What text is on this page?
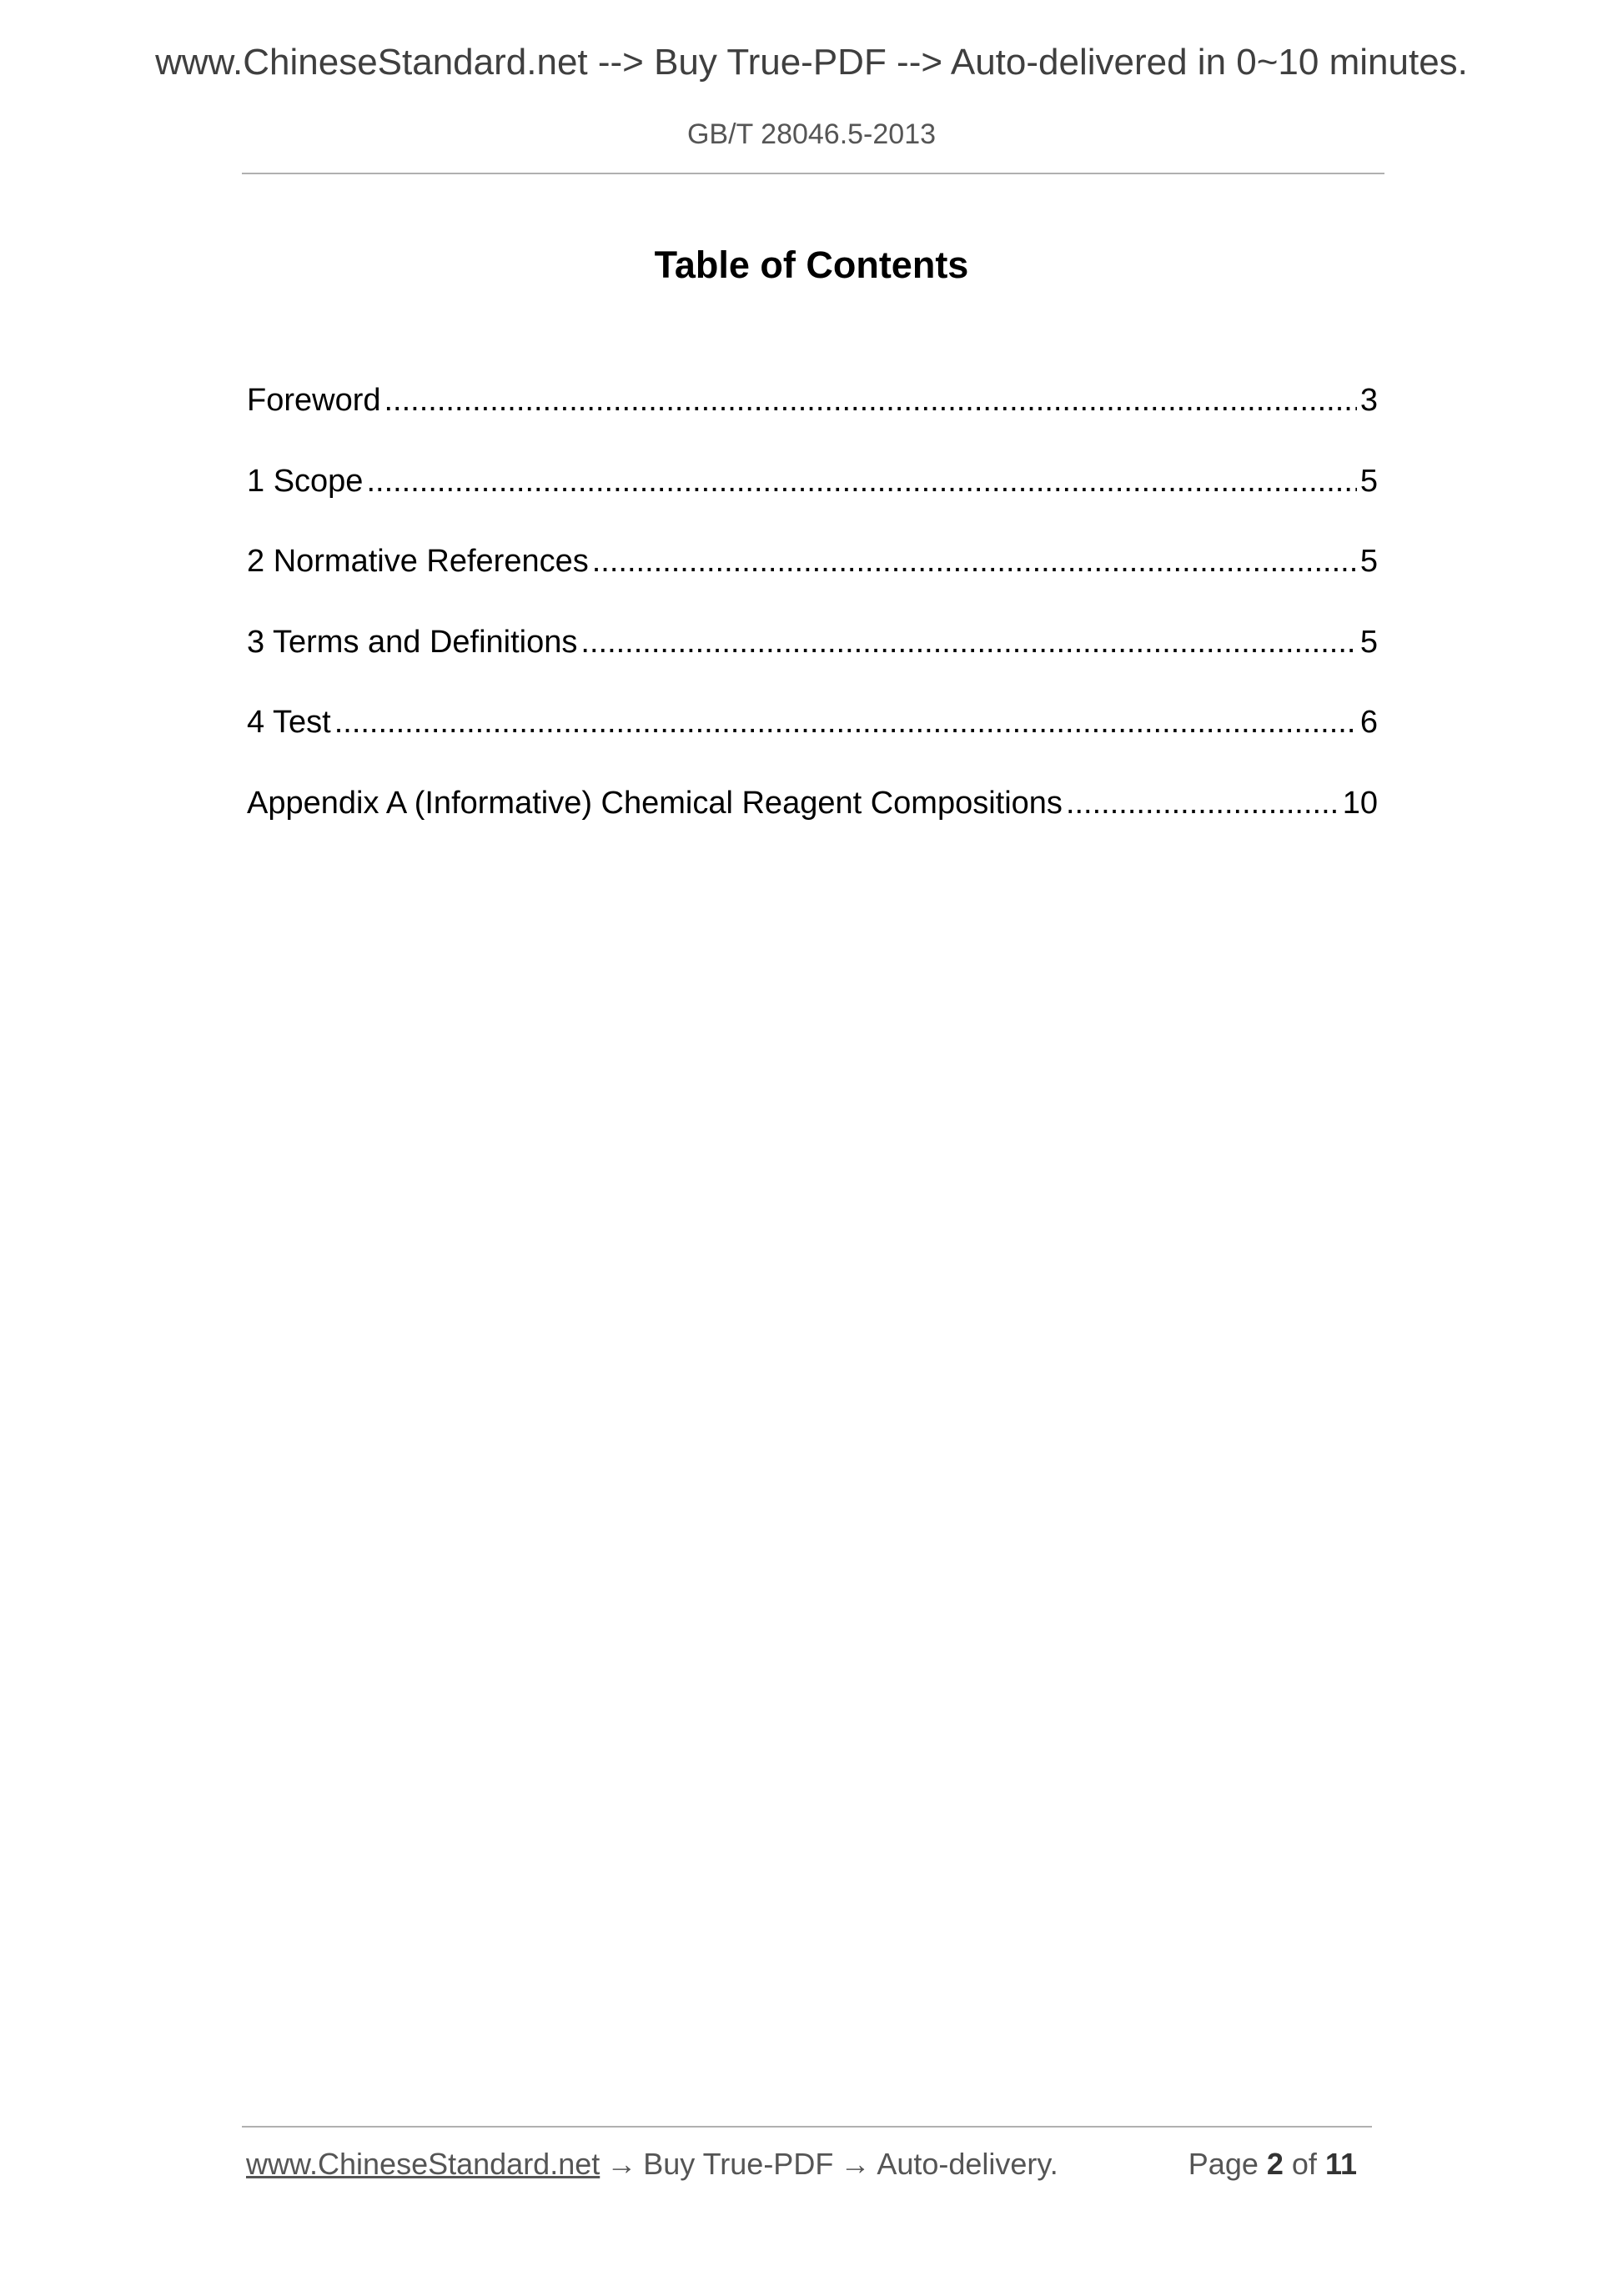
www.ChineseStandard.net --> Buy True-PDF --> Auto-delivered in 0~10 minutes.
GB/T 28046.5-2013
Table of Contents
Foreword .....	3
1 Scope .....	5
2 Normative References .....	5
3 Terms and Definitions .....	5
4 Test .....	6
Appendix A (Informative) Chemical Reagent Compositions .....	10
www.ChineseStandard.net → Buy True-PDF → Auto-delivery.	Page 2 of 11
